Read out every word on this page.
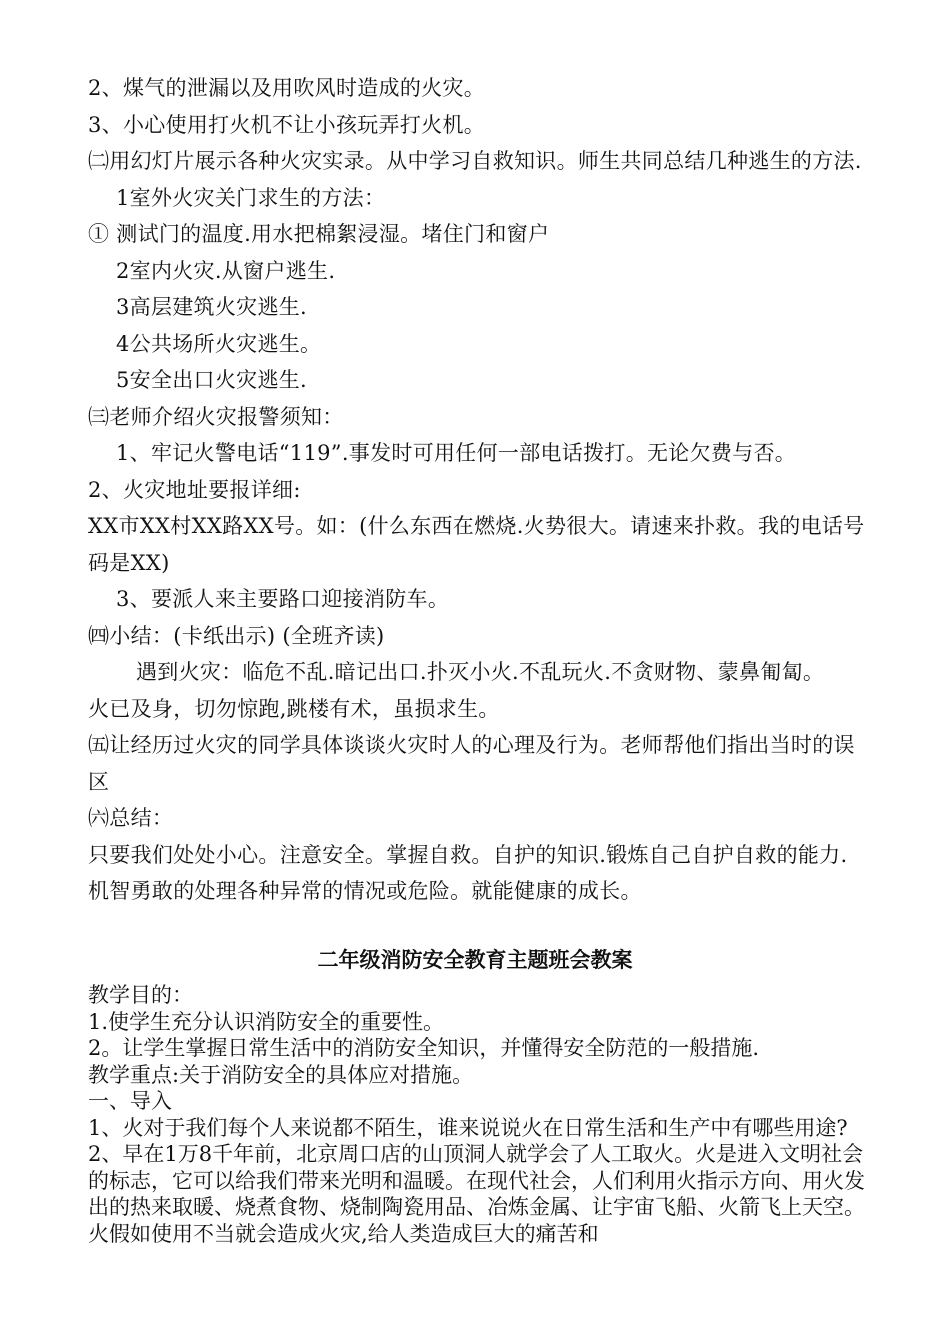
2、煤气的泄漏以及用吹风时造成的火灾。

3、小心使用打火机不让小孩玩弄打火机。

㈡用幻灯片展示各种火灾实录。从中学习自救知识。师生共同总结几种逃生的方法.

1室外火灾关门求生的方法：

① 测试门的温度.用水把棉絮浸湿。堵住门和窗户

2室内火灾.从窗户逃生.

3高层建筑火灾逃生.

4公共场所火灾逃生。

5安全出口火灾逃生.

㈢老师介绍火灾报警须知：

1、牢记火警电话“119”.事发时可用任何一部电话拨打。无论欠费与否。

2、火灾地址要报详细:

XX市XX村XX路XX号。如：(什么东西在燃烧.火势很大。请速来扑救。我的电话号码是XX)

3、要派人来主要路口迎接消防车。

㈣小结：(卡纸出示) (全班齐读)

遇到火灾：临危不乱.暗记出口.扑灭小火.不乱玩火.不贪财物、蒙鼻匍匐。

火已及身，切勿惊跑,跳楼有术，虽损求生。

㈤让经历过火灾的同学具体谈谈火灾时人的心理及行为。老师帮他们指出当时的误区

㈥总结：

只要我们处处小心。注意安全。掌握自救。自护的知识.锻炼自己自护自救的能力.机智勇敢的处理各种异常的情况或危险。就能健康的成长。

二年级消防安全教育主题班会教案

教学目的：

1.使学生充分认识消防安全的重要性。

2。让学生掌握日常生活中的消防安全知识，并懂得安全防范的一般措施.

教学重点:关于消防安全的具体应对措施。

一、导入

1、火对于我们每个人来说都不陌生，谁来说说火在日常生活和生产中有哪些用途?

2、早在1万8千年前，北京周口店的山顶洞人就学会了人工取火。火是进入文明社会的标志，它可以给我们带来光明和温暖。在现代社会，人们利用火指示方向、用火发出的热来取暖、烧煮食物、烧制陶瓷用品、冶炼金属、让宇宙飞船、火箭飞上天空。火假如使用不当就会造成火灾,给人类造成巨大的痛苦和
